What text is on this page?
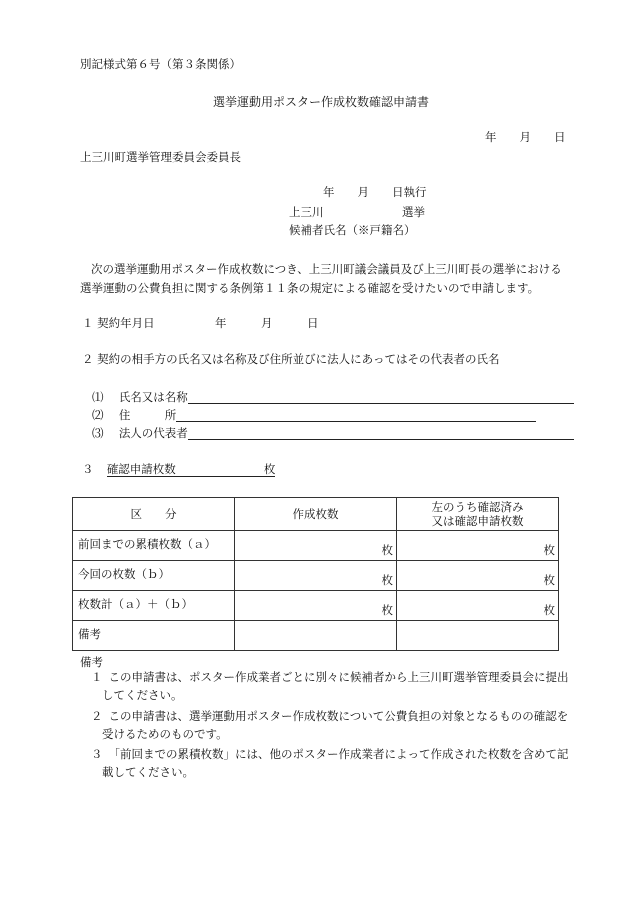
別記様式第６号（第３条関係）
選挙運動用ポスター作成枚数確認申請書
年　　月　　日
上三川町選挙管理委員会委員長
年　　月　　日執行
上三川	選挙
候補者氏名（※戸籍名）
次の選挙運動用ポスター作成枚数につき、上三川町議会議員及び上三川町長の選挙における
選挙運動の公費負担に関する条例第１１条の規定による確認を受けたいので申請します。
１ 契約年月日	年　　　月　　　日
２ 契約の相手方の氏名又は名称及び住所並びに法人にあってはその代表者の氏名
⑴ 氏名又は名称
⑵ 住　　　所
⑶ 法人の代表者
３ 確認申請枚数	枚
区　　分	作成枚数	左のうち確認済み
又は確認申請枚数

前回までの累積枚数（ａ）	枚	枚
今回の枚数（ｂ）	枚	枚
枚数計（ａ）＋（ｂ）	枚	枚
備考		
備考
１ この申請書は、ポスター作成業者ごとに別々に候補者から上三川町選挙管理委員会に提出
してください。
２ この申請書は、選挙運動用ポスター作成枚数について公費負担の対象となるものの確認を
受けるためのものです。
３ 「前回までの累積枚数」には、他のポスター作成業者によって作成された枚数を含めて記
載してください。
